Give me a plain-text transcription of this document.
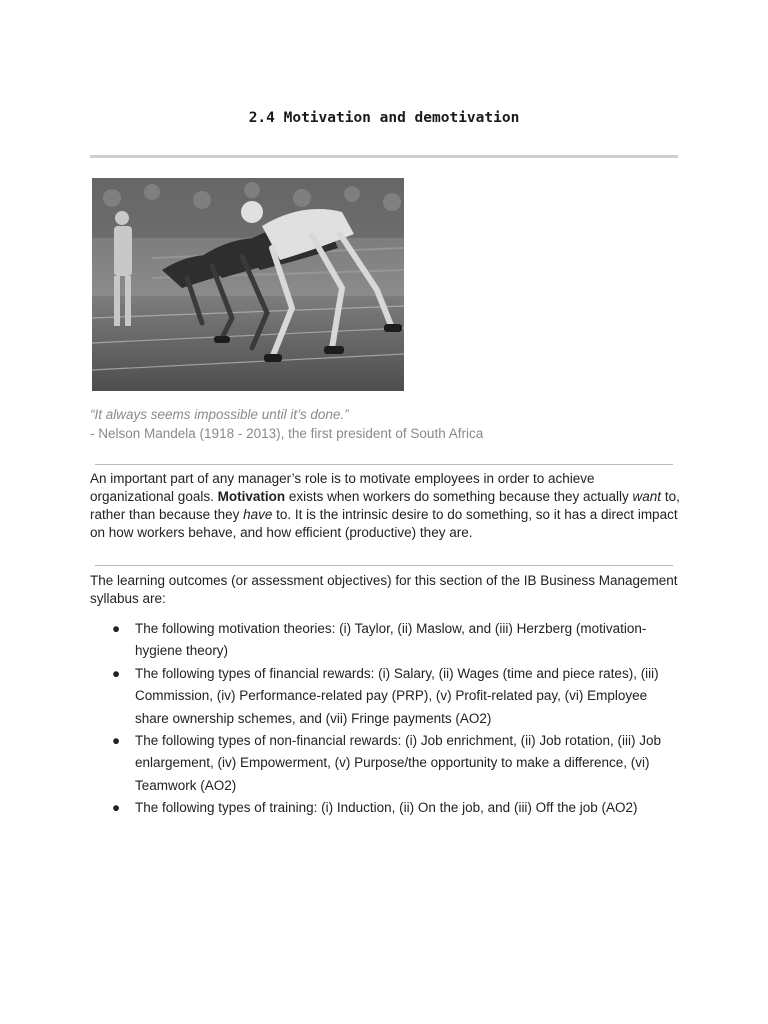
2.4 Motivation and demotivation
“It always seems impossible until it’s done.”
- Nelson Mandela (1918 - 2013), the first president of South Africa
An important part of any manager’s role is to motivate employees in order to achieve organizational goals. Motivation exists when workers do something because they actually want to, rather than because they have to. It is the intrinsic desire to do something, so it has a direct impact on how workers behave, and how efficient (productive) they are.
The learning outcomes (or assessment objectives) for this section of the IB Business Management syllabus are:
● The following motivation theories: (i) Taylor, (ii) Maslow, and (iii) Herzberg (motivation-hygiene theory)
● The following types of financial rewards: (i) Salary, (ii) Wages (time and piece rates), (iii) Commission, (iv) Performance-related pay (PRP), (v) Profit-related pay, (vi) Employee share ownership schemes, and (vii) Fringe payments (AO2)
● The following types of non-financial rewards: (i) Job enrichment, (ii) Job rotation, (iii) Job enlargement, (iv) Empowerment, (v) Purpose/the opportunity to make a difference, (vi) Teamwork (AO2)
● The following types of training: (i) Induction, (ii) On the job, and (iii) Off the job (AO2)
